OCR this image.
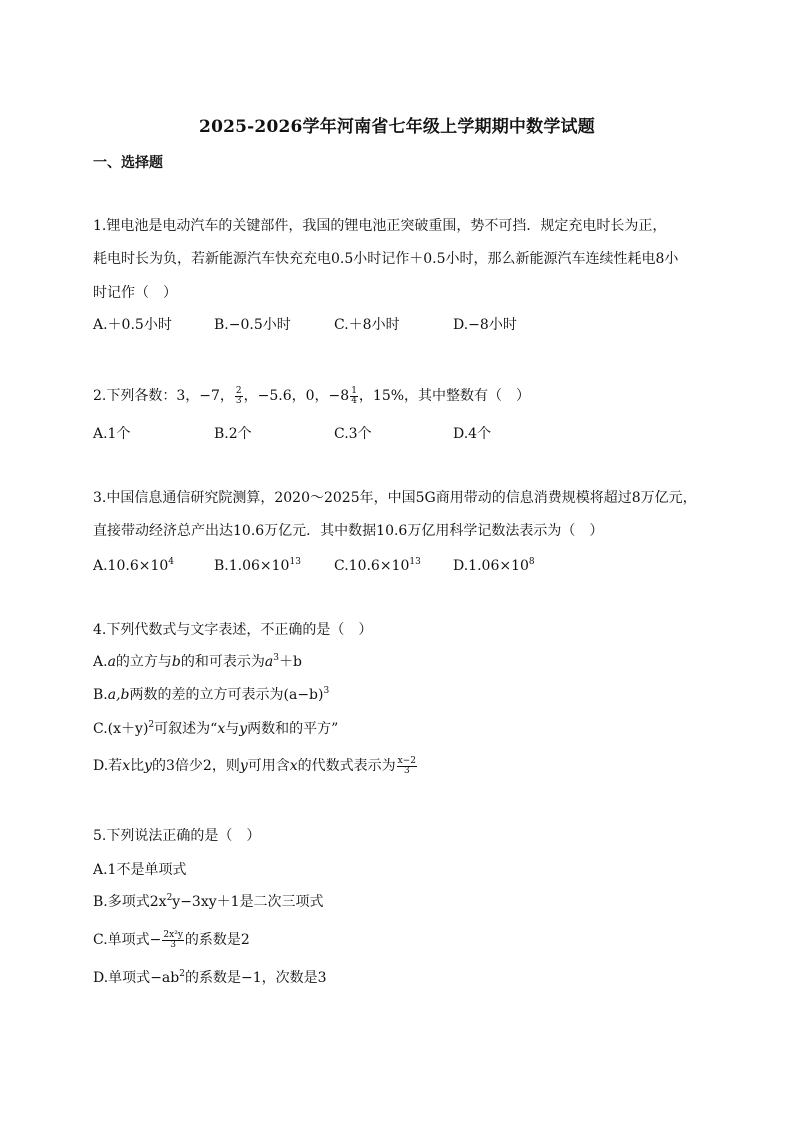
2025-2026学年河南省七年级上学期期中数学试题
一、选择题
1.锂电池是电动汽车的关键部件，我国的锂电池正突破重围，势不可挡．规定充电时长为正，
耗电时长为负，若新能源汽车快充充电0.5小时记作＋0.5小时，那么新能源汽车连续性耗电8小
时记作（　）
A.＋0.5小时	B.−0.5小时	C.＋8小时	D.−8小时
2.下列各数：3，−7， $\frac{2}{3}$ ，−5.6，0，$-8 \frac{1}{4}$ ，15%，其中整数有（　）
A.1个	B.2个	C.3个	D.4个
3.中国信息通信研究院测算，2020～2025年，中国5G商用带动的信息消费规模将超过8万亿元，
直接带动经济总产出达10.6万亿元．其中数据10.6万亿用科学记数法表示为（　）
$A.10.6\times 10^4$	$B.1.06\times 10^{13}$ $C.10.6\times 10^{13}$ $D.1.06\times 10^8$
4.下列代数式与文字表述，不正确的是（　）
A.a的立方与b的和可表示为$a^3+b$
B.a,b两数的差的立方可表示为$(a-b)^3$
$C.(x+y)^2$可叙述为“x与y两数和的平方”
D.若x比y的3倍少2，则y可用含x的代数式表示为 $\frac{x-2}{3}$
5.下列说法正确的是（　）
A.1不是单项式
B.多项式$2x^2y-3xy+1$是二次三项式
C.单项式− $\frac{\text{2x²y}}{3}$ 的系数是2
D.单项式$-ab^2$的系数是−1，次数是3
